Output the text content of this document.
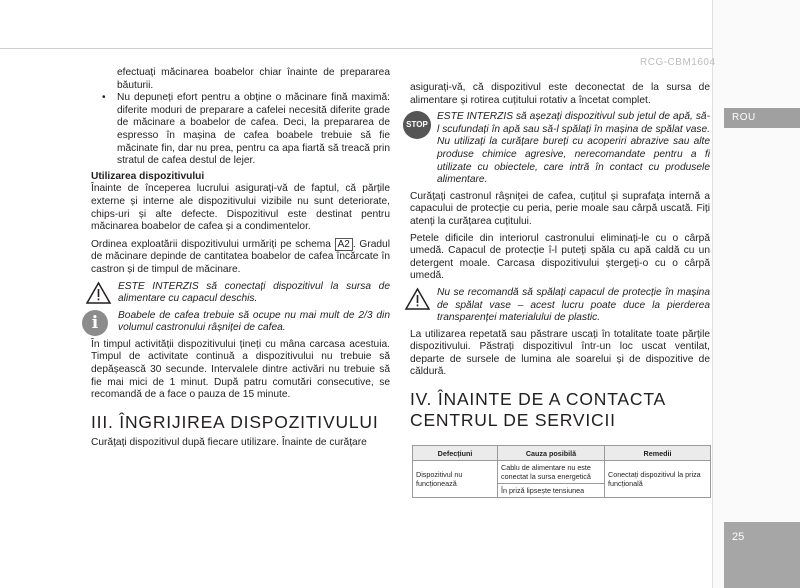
RCG-CBM1604
ROU
25

efectuați măcinarea boabelor chiar înainte de prepararea băuturii.

• Nu depuneți efort pentru a obține o măcinare fină maximă: diferite moduri de preparare a cafelei necesită diferite grade de măcinare a boabelor de cafea. Deci, la prepararea de espresso în mașina de cafea boabele trebuie să fie măcinate fin, dar nu prea, pentru ca apa fiartă să treacă prin stratul de cafea destul de lejer.

Utilizarea dispozitivului

Înainte de începerea lucrului asigurați-vă de faptul, că părțile externe și interne ale dispozitivului vizibile nu sunt deteriorate, chips-uri și alte defecte. Dispozitivul este destinat pentru măcinarea boabelor de cafea și a condimentelor.

Ordinea exploatării dispozitivului urmăriți pe schema A2 . Gradul de măcinare depinde de cantitatea boabelor de cafea încărcate în castron și de timpul de măcinare.

ESTE INTERZIS să conectați dispozitivul la sursa de alimentare cu capacul deschis.

i	Boabele de cafea trebuie să ocupe nu mai mult de 2/3 din volumul castronului râșniței de cafea.

În timpul activității dispozitivului țineți cu mâna carcasa acestuia. Timpul de activitate continuă a dispozitivului nu trebuie să depășească 30 secunde. Intervalele dintre activări nu trebuie să fie mai mici de 1 minut. După patru comutări consecutive, se recomandă de a face o pauza de 15 minute.

III. ÎNGRIJIREA DISPOZITIVULUI

Curățați dispozitivul după fiecare utilizare. Înainte de curățare

asigurați-vă, că dispozitivul este deconectat de la sursa de alimentare și rotirea cuțitului rotativ a încetat complet.

STOP
ESTE INTERZIS să așezați dispozitivul sub jetul de apă, să-l scufundați în apă sau să-l spălați în mașina de spălat vase. Nu utilizați la curățare bureți cu acoperiri abrazive sau alte produse chimice agresive, nerecomandate pentru a fi utilizate cu obiectele, care intră în contact cu produsele alimentare.

Curățați castronul râșniței de cafea, cuțitul și suprafața internă a capacului de protecție cu peria, perie moale sau cârpă uscată. Fiți atenți la curățarea cuțitului.

Petele dificile din interiorul castronului eliminați-le cu o cârpă umedă. Capacul de protecție î-l puteți spăla cu apă caldă cu un detergent moale. Carcasa dispozitivului ștergeți-o cu o cârpă umedă.

Nu se recomandă să spălați capacul de protecție în mașina de spălat vase – acest lucru poate duce la pierderea transparenței materialului de plastic.

La utilizarea repetată sau păstrare uscați în totalitate toate părțile dispozitivului. Păstrați dispozitivul într-un loc uscat ventilat, departe de sursele de lumina ale soarelui și de dispozitive de căldură.

IV. ÎNAINTE DE A CONTACTA CENTRUL DE SERVICII

Defecțiuni	Cauza posibilă	Remedii
Dispozitivul nu funcționează	Cablu de alimentare nu este conectat la sursa energetică	Conectați dispozitivul la priza funcțională
	În priză lipsește tensiunea	
